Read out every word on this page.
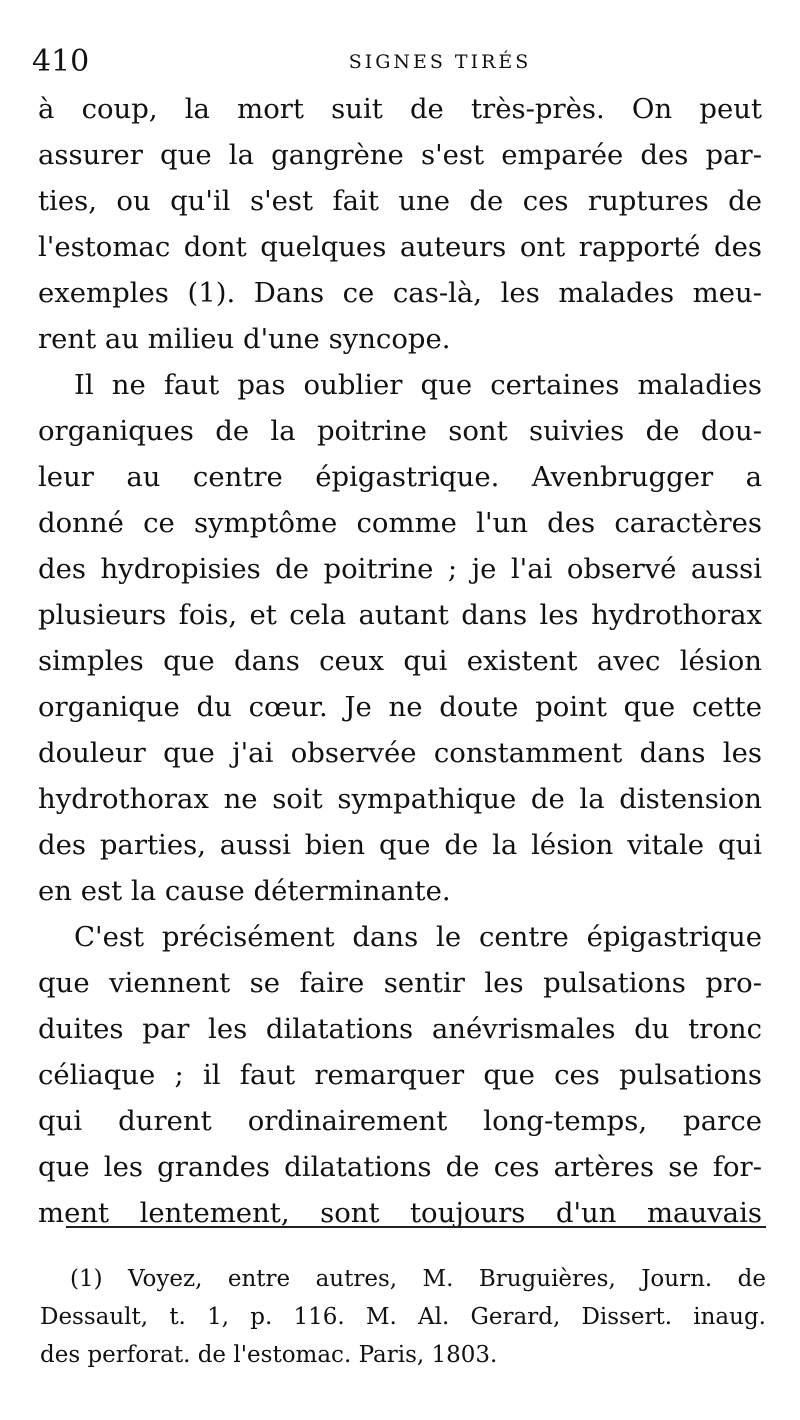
410	SIGNES TIRÉS
à coup, la mort suit de très-près. On peut
assurer que la gangrène s'est emparée des par-
ties, ou qu'il s'est fait une de ces ruptures de
l'estomac dont quelques auteurs ont rapporté des
exemples (1). Dans ce cas-là, les malades meu-
rent au milieu d'une syncope.
Il ne faut pas oublier que certaines maladies
organiques de la poitrine sont suivies de dou-
leur au centre épigastrique. Avenbrugger a
donné ce symptôme comme l'un des caractères
des hydropisies de poitrine ; je l'ai observé aussi
plusieurs fois, et cela autant dans les hydrothorax
simples que dans ceux qui existent avec lésion
organique du cœur. Je ne doute point que cette
douleur que j'ai observée constamment dans les
hydrothorax ne soit sympathique de la distension
des parties, aussi bien que de la lésion vitale qui
en est la cause déterminante.
C'est précisément dans le centre épigastrique
que viennent se faire sentir les pulsations pro-
duites par les dilatations anévrismales du tronc
céliaque ; il faut remarquer que ces pulsations
qui durent ordinairement long-temps, parce
que les grandes dilatations de ces artères se for-
ment lentement, sont toujours d'un mauvais
(1) Voyez, entre autres, M. Bruguières, Journ. de
Dessault, t. 1, p. 116. M. Al. Gerard, Dissert. inaug.
des perforat. de l'estomac. Paris, 1803.
